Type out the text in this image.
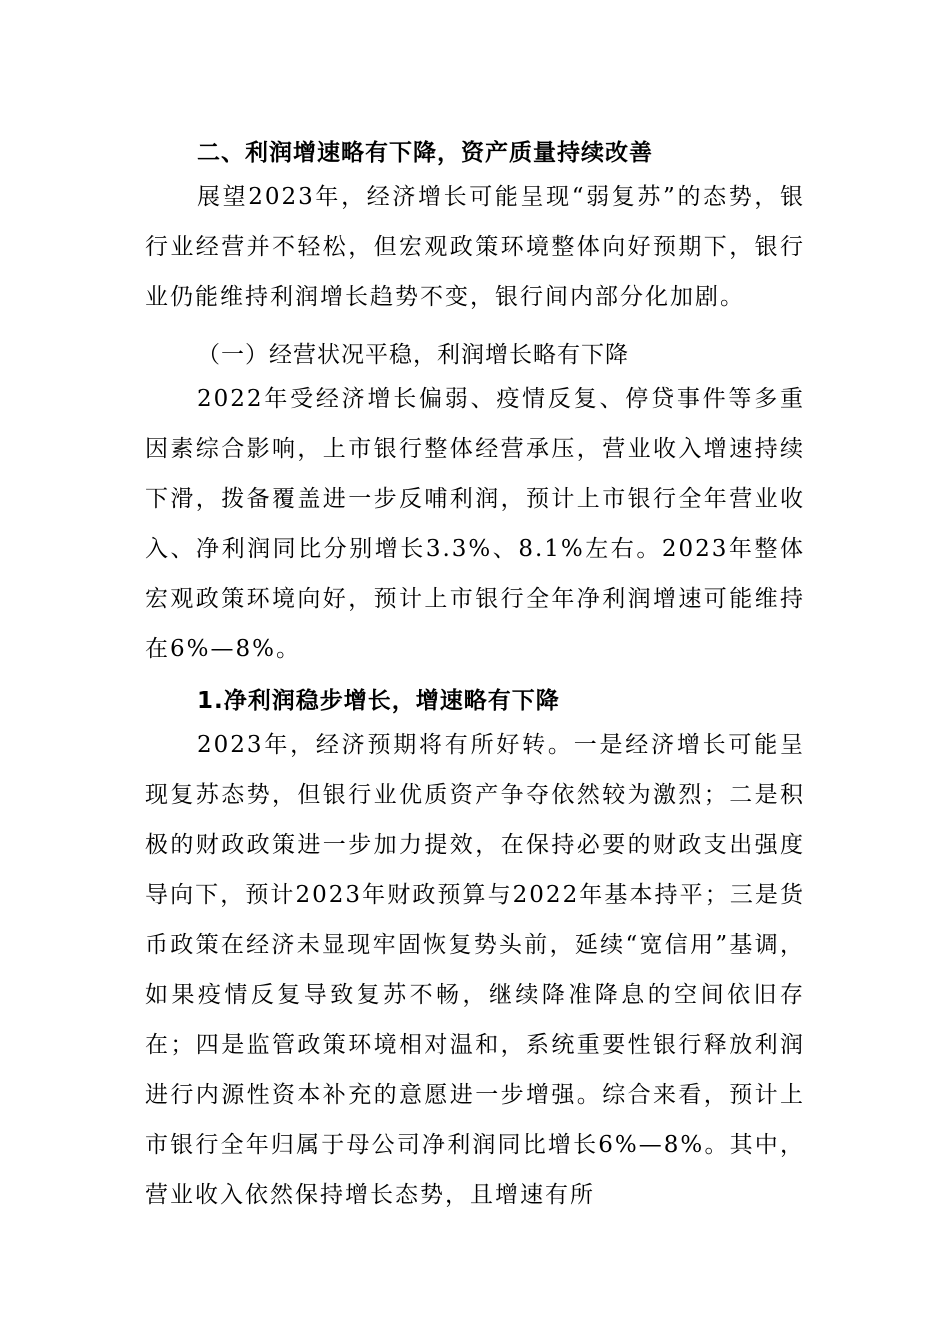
二、利润增速略有下降，资产质量持续改善

展望2023年，经济增长可能呈现“弱复苏”的态势，银行业经营并不轻松，但宏观政策环境整体向好预期下，银行业仍能维持利润增长趋势不变，银行间内部分化加剧。

（一）经营状况平稳，利润增长略有下降

2022年受经济增长偏弱、疫情反复、停贷事件等多重因素综合影响，上市银行整体经营承压，营业收入增速持续下滑，拨备覆盖进一步反哺利润，预计上市银行全年营业收入、净利润同比分别增长3.3%、8.1%左右。2023年整体宏观政策环境向好，预计上市银行全年净利润增速可能维持在6%—8%。

1.净利润稳步增长，增速略有下降

2023年，经济预期将有所好转。一是经济增长可能呈现复苏态势，但银行业优质资产争夺依然较为激烈；二是积极的财政政策进一步加力提效，在保持必要的财政支出强度导向下，预计2023年财政预算与2022年基本持平；三是货币政策在经济未显现牢固恢复势头前，延续“宽信用”基调，如果疫情反复导致复苏不畅，继续降准降息的空间依旧存在；四是监管政策环境相对温和，系统重要性银行释放利润进行内源性资本补充的意愿进一步增强。综合来看，预计上市银行全年归属于母公司净利润同比增长6%—8%。其中，营业收入依然保持增长态势，且增速有所
